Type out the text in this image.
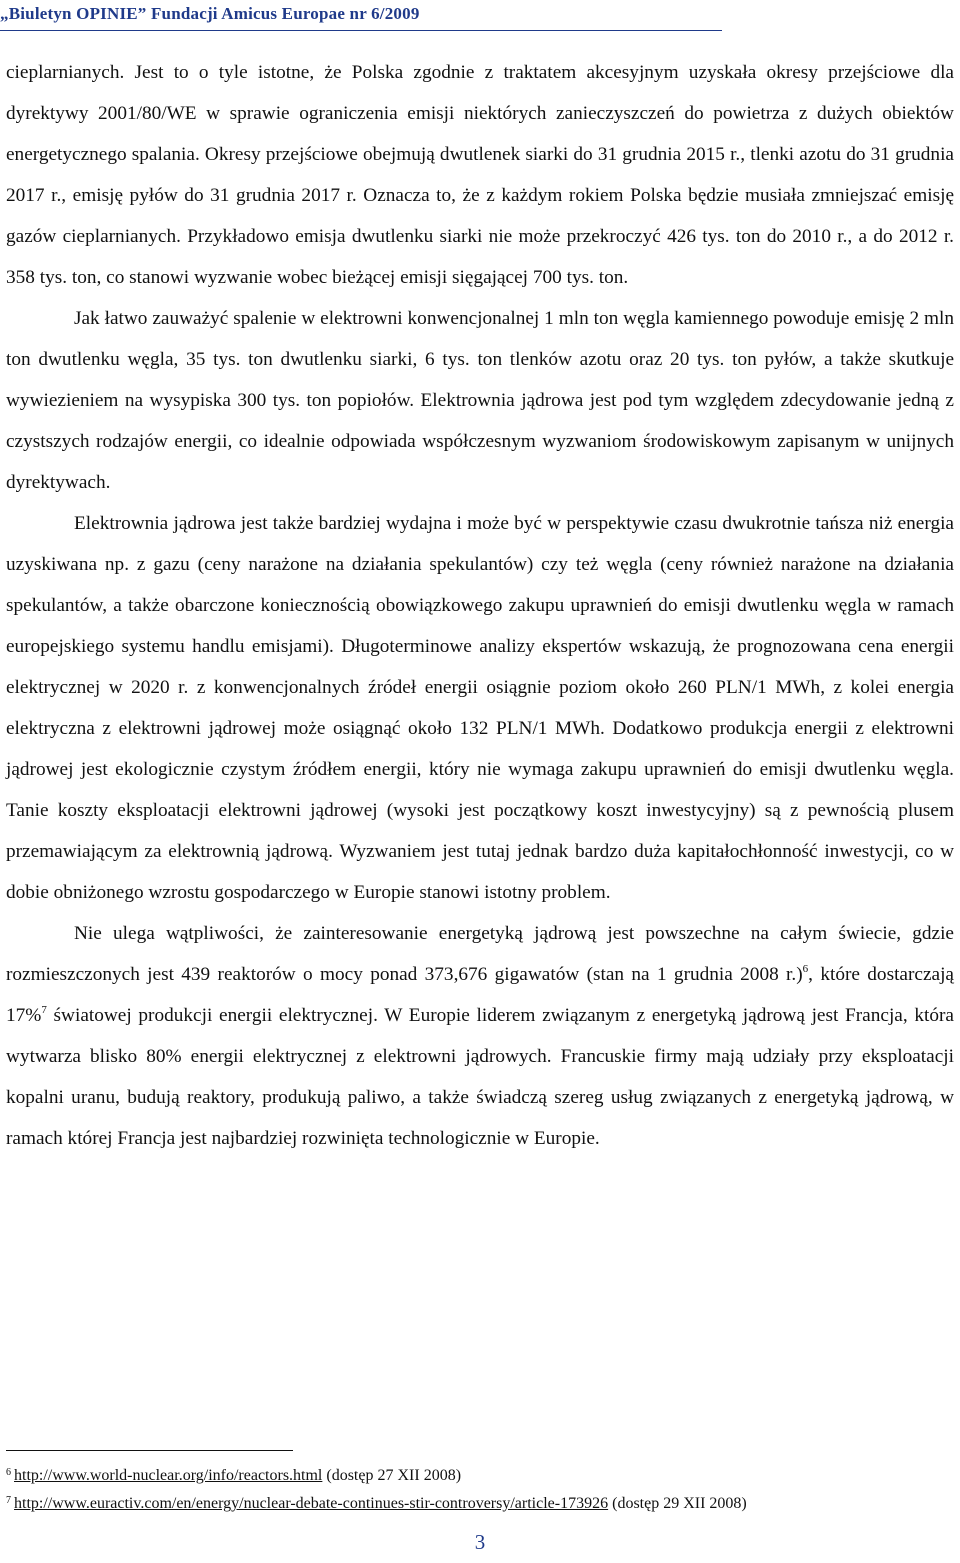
„Biuletyn OPINIE” Fundacji Amicus Europae nr 6/2009

cieplarnianych. Jest to o tyle istotne, że Polska zgodnie z traktatem akcesyjnym uzyskała okresy przejściowe dla dyrektywy 2001/80/WE w sprawie ograniczenia emisji niektórych zanieczyszczeń do powietrza z dużych obiektów energetycznego spalania. Okresy przejściowe obejmują dwutlenek siarki do 31 grudnia 2015 r., tlenki azotu do 31 grudnia 2017 r., emisję pyłów do 31 grudnia 2017 r. Oznacza to, że z każdym rokiem Polska będzie musiała zmniejszać emisję gazów cieplarnianych. Przykładowo emisja dwutlenku siarki nie może przekroczyć 426 tys. ton do 2010 r., a do 2012 r. 358 tys. ton, co stanowi wyzwanie wobec bieżącej emisji sięgającej 700 tys. ton.

Jak łatwo zauważyć spalenie w elektrowni konwencjonalnej 1 mln ton węgla kamiennego powoduje emisję 2 mln ton dwutlenku węgla, 35 tys. ton dwutlenku siarki, 6 tys. ton tlenków azotu oraz 20 tys. ton pyłów, a także skutkuje wywiezieniem na wysypiska 300 tys. ton popiołów. Elektrownia jądrowa jest pod tym względem zdecydowanie jedną z czystszych rodzajów energii, co idealnie odpowiada współczesnym wyzwaniom środowiskowym zapisanym w unijnych dyrektywach.

Elektrownia jądrowa jest także bardziej wydajna i może być w perspektywie czasu dwukrotnie tańsza niż energia uzyskiwana np. z gazu (ceny narażone na działania spekulantów) czy też węgla (ceny również narażone na działania spekulantów, a także obarczone koniecznością obowiązkowego zakupu uprawnień do emisji dwutlenku węgla w ramach europejskiego systemu handlu emisjami). Długoterminowe analizy ekspertów wskazują, że prognozowana cena energii elektrycznej w 2020 r. z konwencjonalnych źródeł energii osiągnie poziom około 260 PLN/1 MWh, z kolei energia elektryczna z elektrowni jądrowej może osiągnąć około 132 PLN/1 MWh. Dodatkowo produkcja energii z elektrowni jądrowej jest ekologicznie czystym źródłem energii, który nie wymaga zakupu uprawnień do emisji dwutlenku węgla. Tanie koszty eksploatacji elektrowni jądrowej (wysoki jest początkowy koszt inwestycyjny) są z pewnością plusem przemawiającym za elektrownią jądrową. Wyzwaniem jest tutaj jednak bardzo duża kapitałochłonność inwestycji, co w dobie obniżonego wzrostu gospodarczego w Europie stanowi istotny problem.

Nie ulega wątpliwości, że zainteresowanie energetyką jądrową jest powszechne na całym świecie, gdzie rozmieszczonych jest 439 reaktorów o mocy ponad 373,676 gigawatów (stan na 1 grudnia 2008 r.)$^6$, które dostarczają 17%$^7$ światowej produkcji energii elektrycznej. W Europie liderem związanym z energetyką jądrową jest Francja, która wytwarza blisko 80% energii elektrycznej z elektrowni jądrowych. Francuskie firmy mają udziały przy eksploatacji kopalni uranu, budują reaktory, produkują paliwo, a także świadczą szereg usług związanych z energetyką jądrową, w ramach której Francja jest najbardziej rozwinięta technologicznie w Europie.

$^6$ http://www.world-nuclear.org/info/reactors.html (dostęp 27 XII 2008)
$^7$ http://www.euractiv.com/en/energy/nuclear-debate-continues-stir-controversy/article-173926 (dostęp 29 XII 2008)
3
